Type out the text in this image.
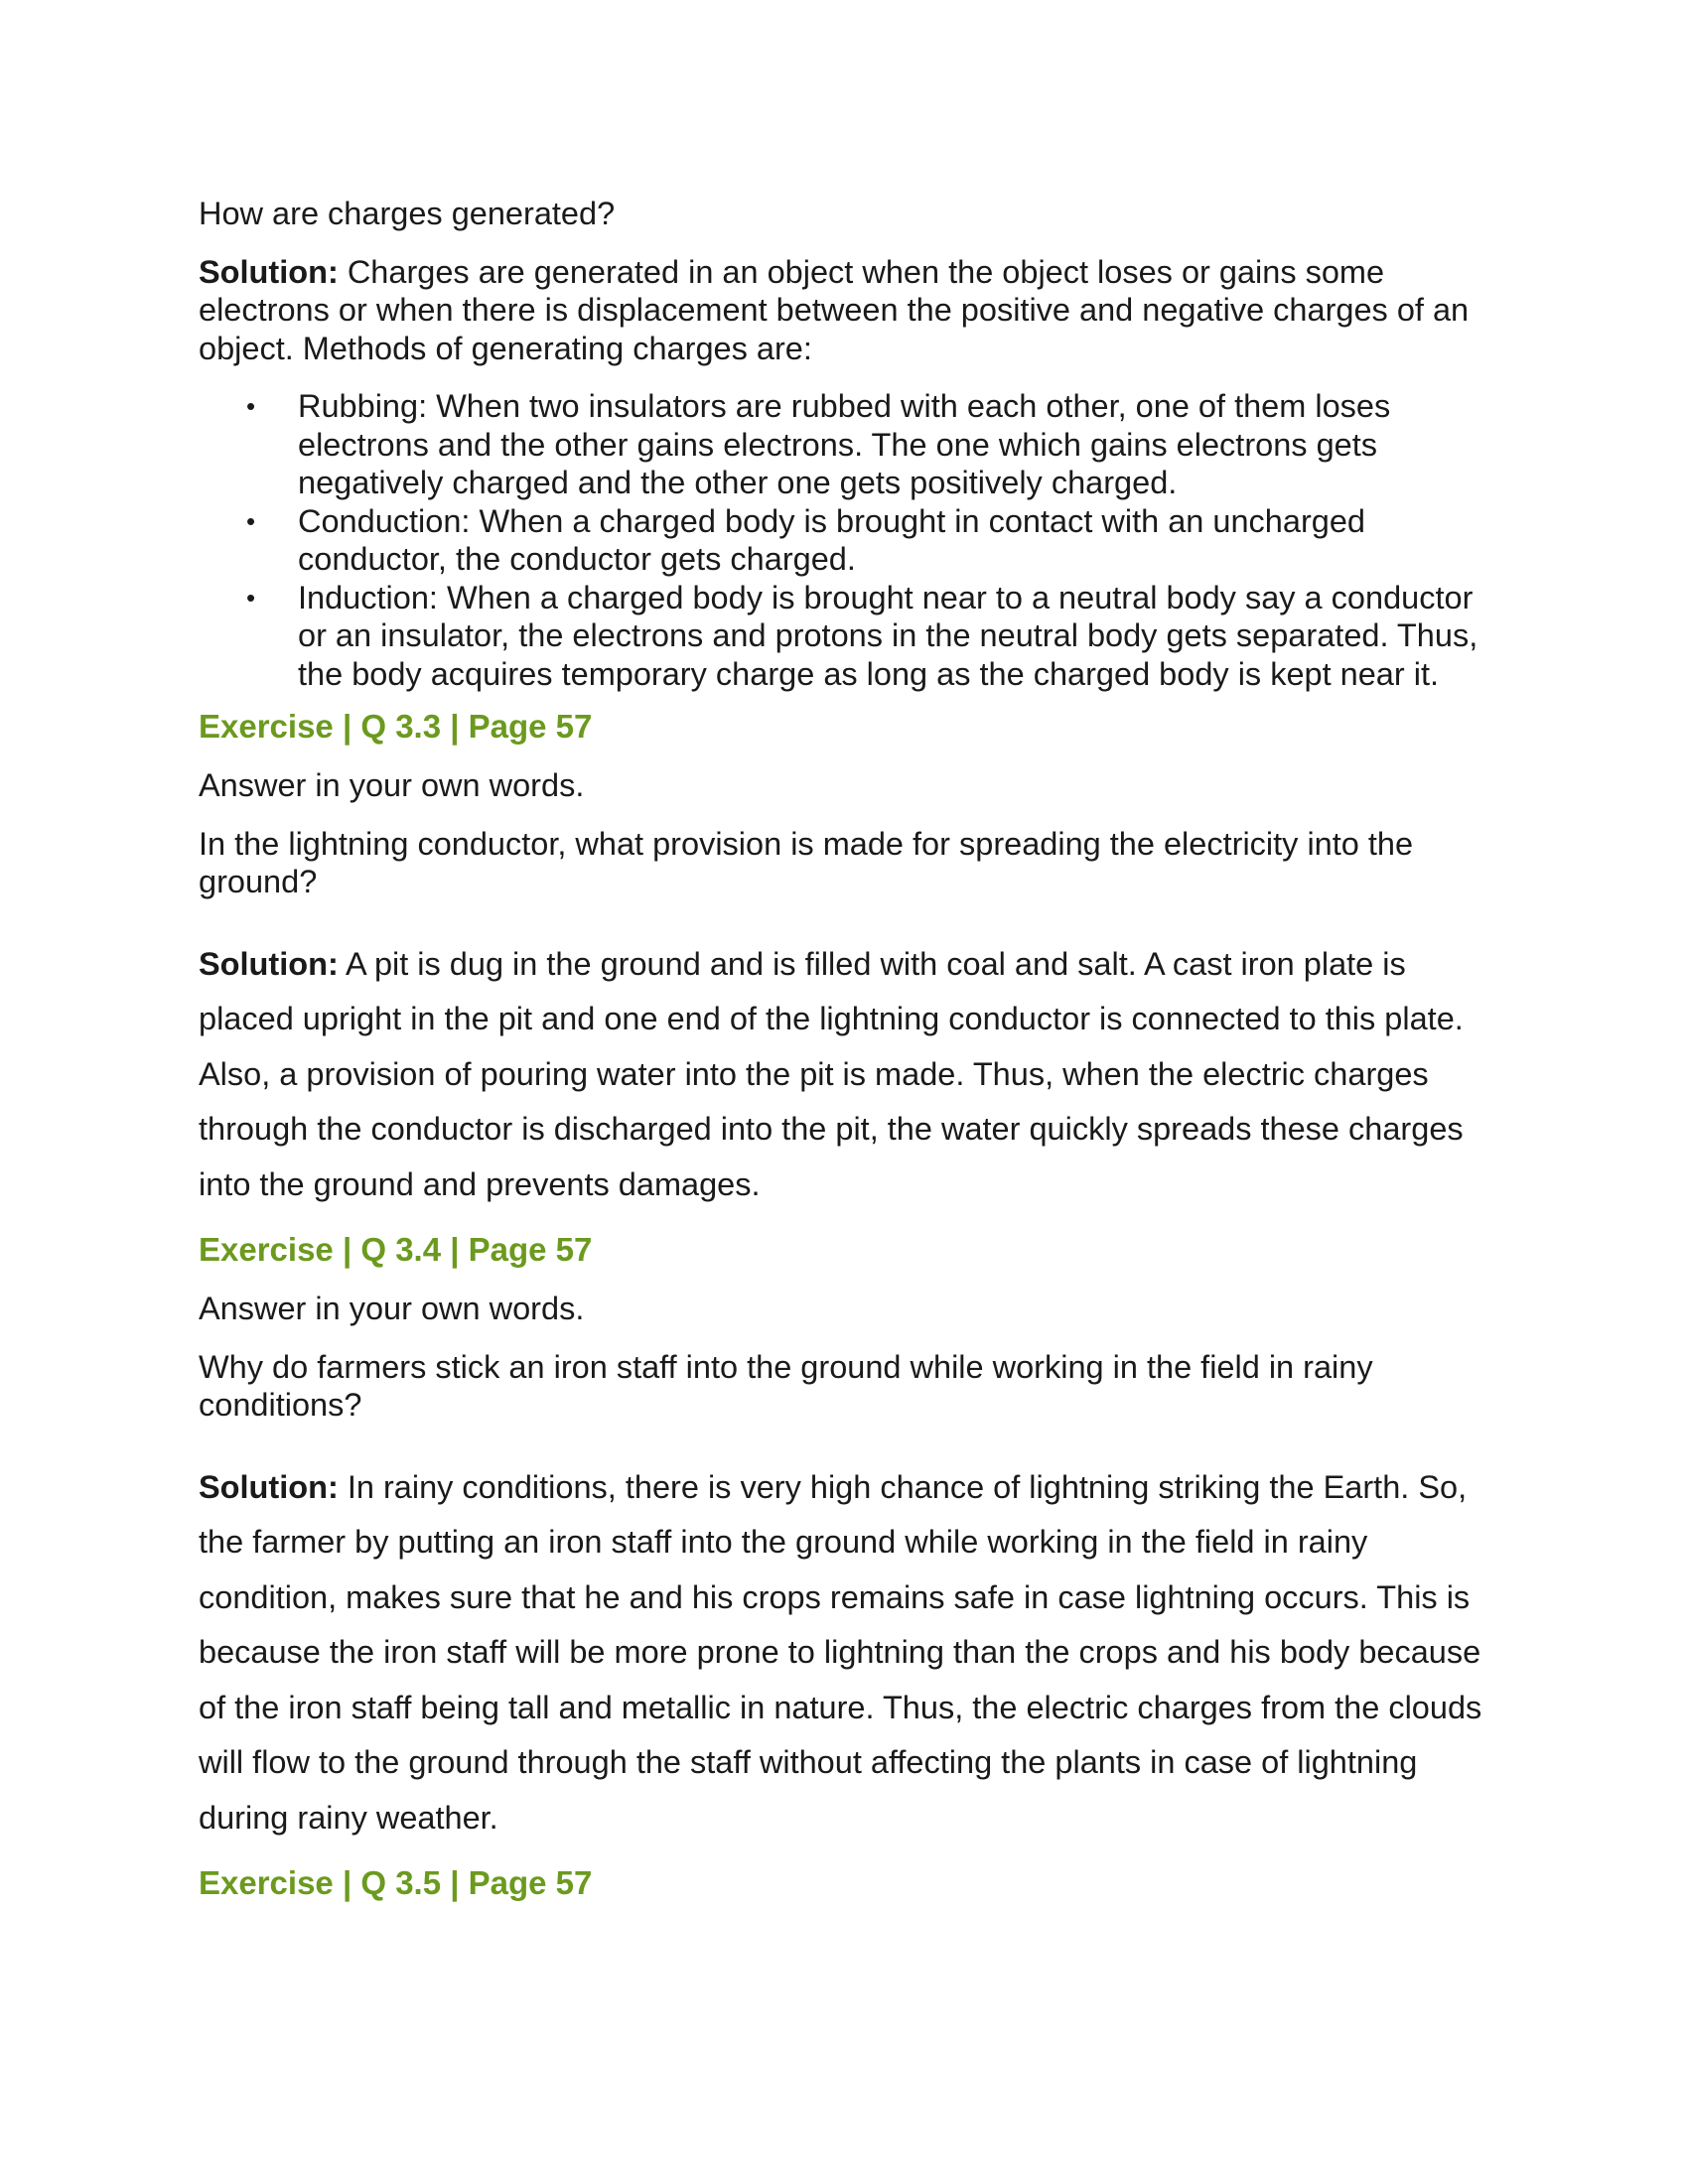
How are charges generated?

Solution: Charges are generated in an object when the object loses or gains some electrons or when there is displacement between the positive and negative charges of an object. Methods of generating charges are:

• Rubbing: When two insulators are rubbed with each other, one of them loses electrons and the other gains electrons. The one which gains electrons gets negatively charged and the other one gets positively charged.
• Conduction: When a charged body is brought in contact with an uncharged conductor, the conductor gets charged.
• Induction: When a charged body is brought near to a neutral body say a conductor or an insulator, the electrons and protons in the neutral body gets separated. Thus, the body acquires temporary charge as long as the charged body is kept near it.

Exercise | Q 3.3 | Page 57

Answer in your own words.

In the lightning conductor, what provision is made for spreading the electricity into the ground?

Solution: A pit is dug in the ground and is filled with coal and salt. A cast iron plate is placed upright in the pit and one end of the lightning conductor is connected to this plate. Also, a provision of pouring water into the pit is made. Thus, when the electric charges through the conductor is discharged into the pit, the water quickly spreads these charges into the ground and prevents damages.

Exercise | Q 3.4 | Page 57

Answer in your own words.

Why do farmers stick an iron staff into the ground while working in the field in rainy conditions?

Solution: In rainy conditions, there is very high chance of lightning striking the Earth. So, the farmer by putting an iron staff into the ground while working in the field in rainy condition, makes sure that he and his crops remains safe in case lightning occurs. This is because the iron staff will be more prone to lightning than the crops and his body because of the iron staff being tall and metallic in nature. Thus, the electric charges from the clouds will flow to the ground through the staff without affecting the plants in case of lightning during rainy weather.

Exercise | Q 3.5 | Page 57
